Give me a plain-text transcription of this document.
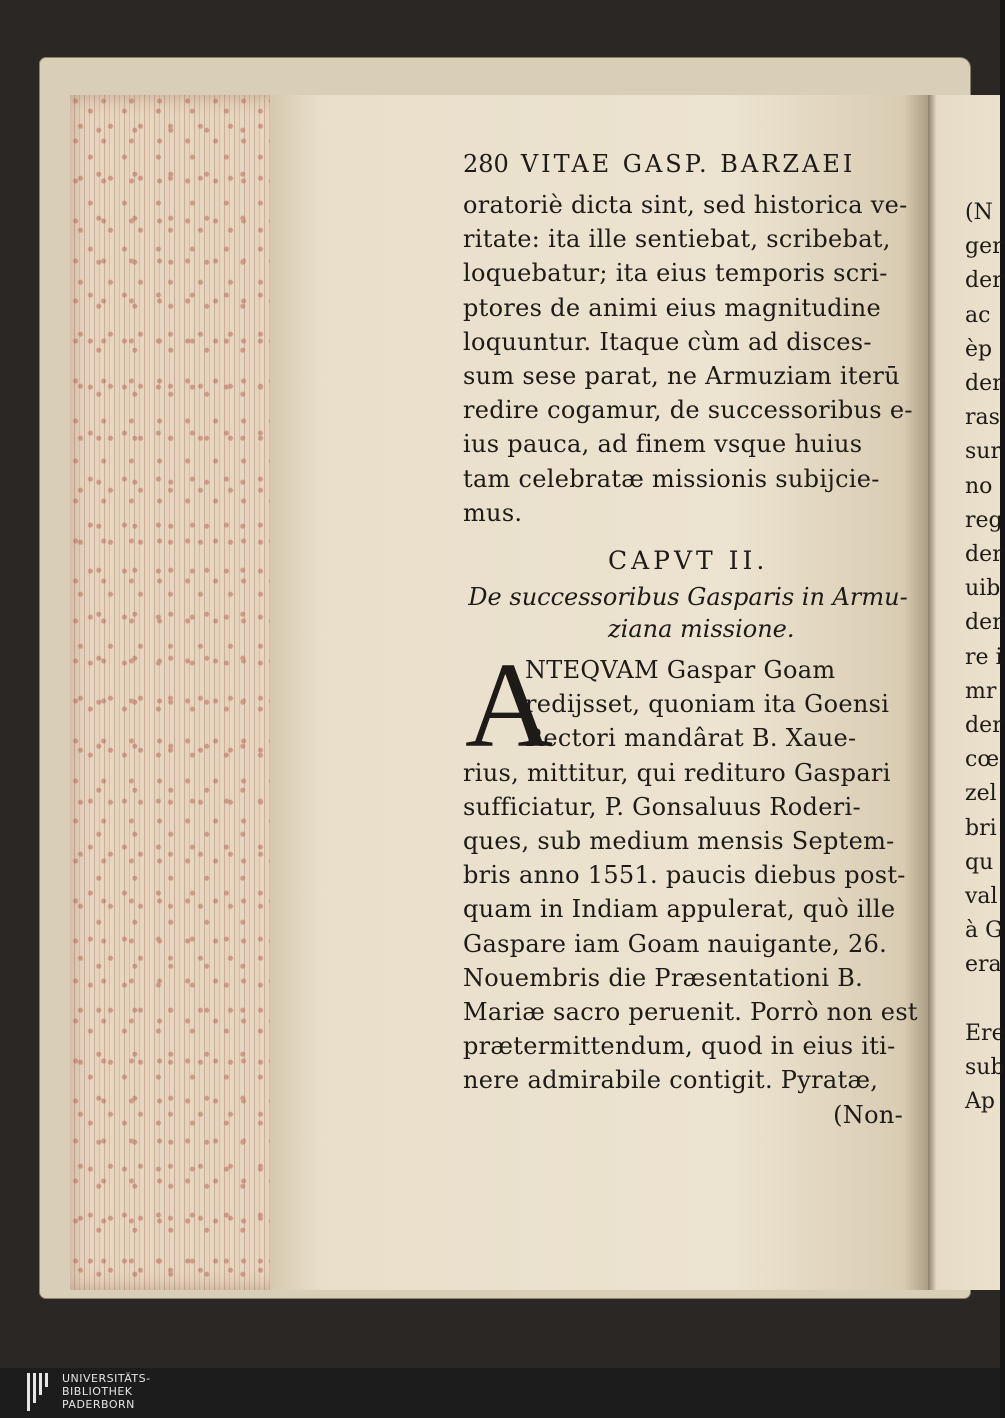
280 VITAE GASP. BARZAEI
oratoriè dicta sint, sed historica ve-
ritate: ita ille sentiebat, scribebat,
loquebatur; ita eius temporis scri-
ptores de animi eius magnitudine
loquuntur. Itaque cùm ad disces-
sum sese parat, ne Armuziam iterū
redire cogamur, de successoribus e-
ius pauca, ad finem vsque huius
tam celebratæ missionis subijcie-
mus.
CAPVT II.
De successoribus Gasparis in Armu-
ziana missione.
A
NTEQVAM Gaspar Goam
redijsset, quoniam ita Goensi
Rectori mandârat B. Xaue-
rius, mittitur, qui redituro Gaspari
sufficiatur, P. Gonsaluus Roderi-
ques, sub medium mensis Septem-
bris anno 1551. paucis diebus post-
quam in Indiam appulerat, quò ille
Gaspare iam Goam nauigante, 26.
Nouembris die Præsentationi B.
Mariæ sacro peruenit. Porrò non est
prætermittendum, quod in eius iti-
nere admirabile contigit. Pyratæ,
(Non-
(N
ger
der
ac
èp
der
ras
sur
no
reg
der
uib
der
re i
mr
der
cœ
zel
bri
qu
val
à G
era
Ere
sub
Ap
UNIVERSITÄTS-
BIBLIOTHEK
PADERBORN
